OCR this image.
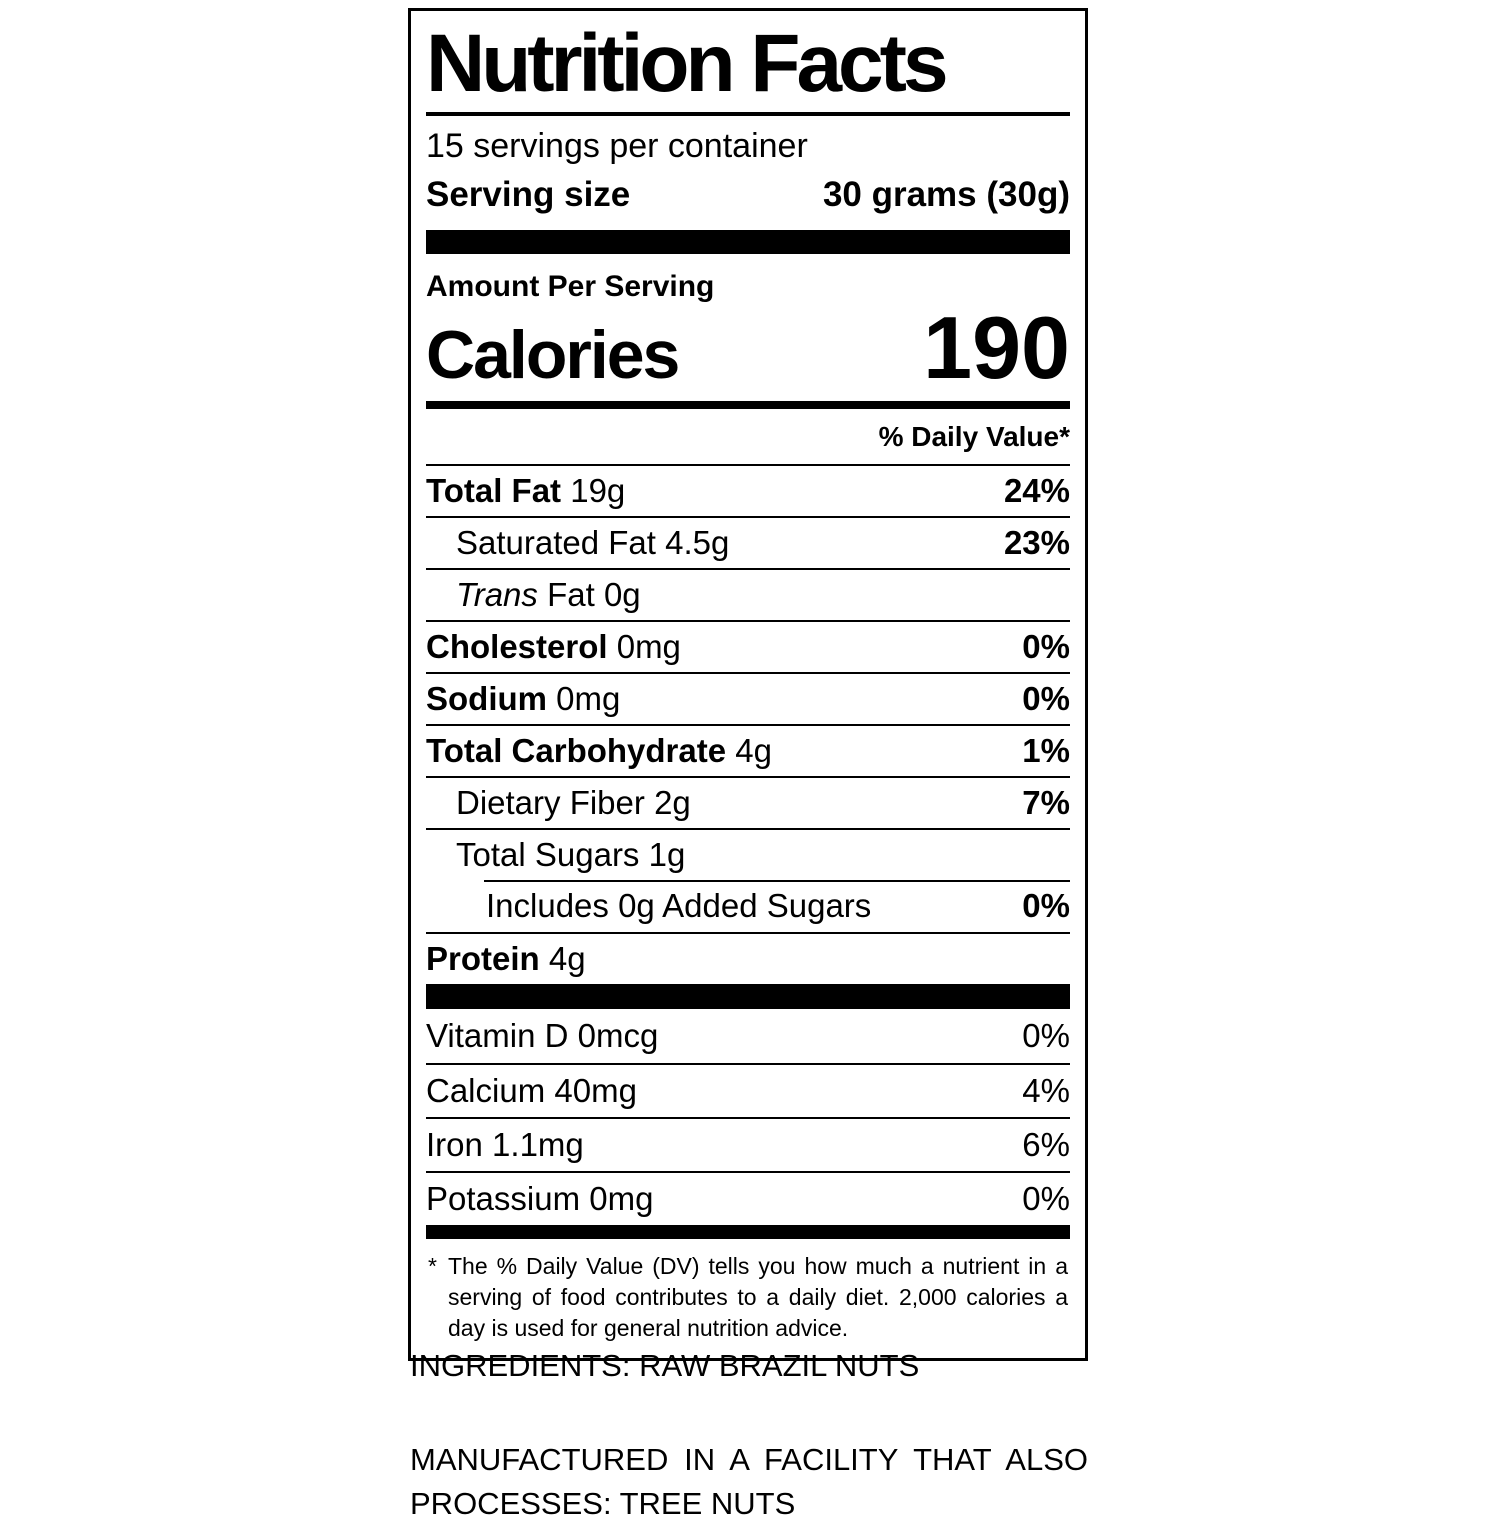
Nutrition Facts
15 servings per container
Serving size	30 grams (30g)
Amount Per Serving
Calories	190
% Daily Value*
Total Fat 19g	24%
Saturated Fat 4.5g	23%
Trans Fat 0g
Cholesterol 0mg	0%
Sodium 0mg	0%
Total Carbohydrate 4g	1%
Dietary Fiber 2g	7%
Total Sugars 1g
Includes 0g Added Sugars	0%
Protein 4g
Vitamin D 0mcg	0%
Calcium 40mg	4%
Iron 1.1mg	6%
Potassium 0mg	0%
* The % Daily Value (DV) tells you how much a nutrient in a serving of food contributes to a daily diet. 2,000 calories a day is used for general nutrition advice.
INGREDIENTS: RAW BRAZIL NUTS
MANUFACTURED IN A FACILITY THAT ALSO PROCESSES: TREE NUTS
